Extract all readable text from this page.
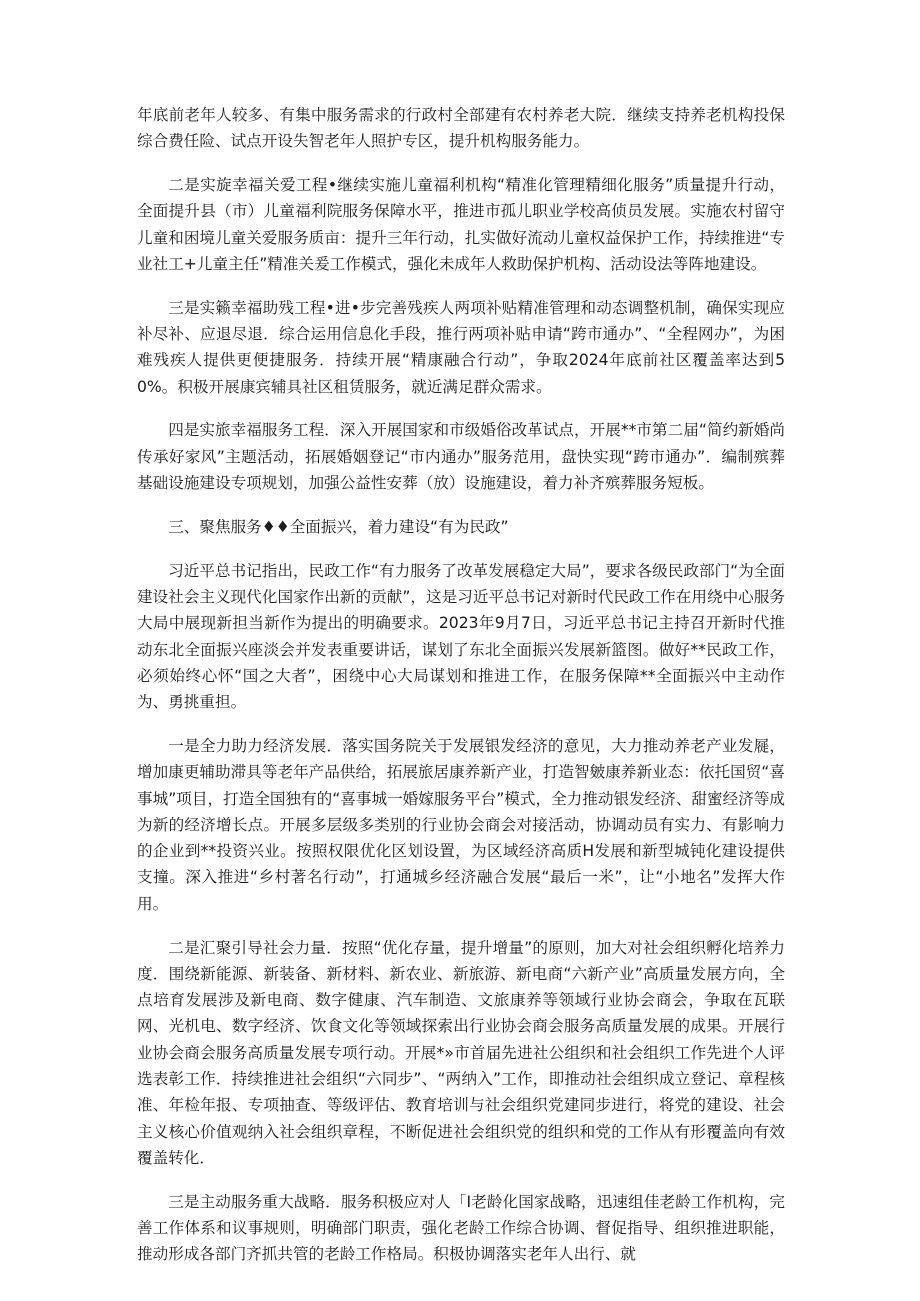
年底前老年人较多、有集中服务需求的行政村全部建有农村养老大院．继续支持养老机构投保综合费任险、试点开设失智老年人照护专区，提升机构服务能力。

二是实旋幸福关爱工程•继续实施儿童福利机构“精准化管理精细化服务”质量提升行动，全面提升县（市）儿童福利院服务保障水平，推进市孤儿职业学校高侦员发展。实施农村留守儿童和困境儿童关爱服务质亩：提升三年行动，扎实做好流动儿童权益保护工作，持续推进“专业社工+儿童主任”精准关爰工作模式，强化未成年人救助保护机构、活动设法等阵地建设。

三是实籁幸福助残工程•进•步完善残疾人两项补贴精准管理和动态调整机制，确保实现应补尽补、应退尽退．综合运用信息化手段，推行两项补贴申请“跨市通办”、“全程网办”，为困难残疾人提供更便捷服务．持续开展“精康融合行动”，争取2024年底前社区覆盖率达到50%。积极开展康宾辅具社区租赁服务，就近满足群众需求。

四是实旅幸福服务工程．深入开展国家和市级婚俗改革试点，开展**市第二届“简约新婚尚传承好家风”主题活动，拓展婚姻登记“市内通办”服务范用，盘快实现“跨市通办”．编制殡葬基础设施建设专项规划，加强公益性安葬（放）设施建设，着力补齐殡葬服务短板。

三、聚焦服务♦♦全面振兴，着力建设“有为民政”

习近平总书记指出，民政工作“有力服务了改革发展稳定大局”，要求各级民政部门“为全面建设社会主义现代化国家作出新的贡献”，这是习近平总书记对新时代民政工作在用绕中心服务大局中展现新担当新作为提出的明确要求。2023年9月7日，习近平总书记主持召开新时代推动东北全面振兴座淡会并发表重要讲话，谋划了东北全面振兴发展新篮图。做好**民政工作，必须始终心怀“国之大者”，困绕中心大局谋划和推进工作，在服务保障**全面振兴中主动作为、勇挑重担。

一是全力助力经济发展．落实国务院关于发展银发经济的意见，大力推动养老产业发屣，增加康更辅助滞具等老年产品供给，拓展旅居康养新产业，打造智皴康养新业态：依托国贸“喜事城”项目，打造全国独有的“喜事城一婚嫁服务平台”模式，全力推动银发经济、甜蜜经济等成为新的经济增长点。开展多层级多类别的行业协会商会对接活动，协调动员有实力、有影响力的企业到**投资兴业。按照权限优化区划设置，为区域经济高质H发展和新型城钝化建设提供支撞。深入推进“乡村著名行动”，打通城乡经济融合发展“最后一米”，让“小地名”发挥大作用。

二是汇聚引导社会力量．按照“优化存量，提升增量”的原则，加大对社会组织孵化培养力度．围绕新能源、新装备、新材料、新农业、新旅游、新电商“六新产业”高质量发展方向，全点培育发展涉及新电商、数字健康、汽车制造、文旅康养等领域行业协会商会，争取在瓦联网、光机电、数字经济、饮食文化等领域探索出行业协会商会服务高质量发展的成果。开展行业协会商会服务高质量发展专项行动。开展*»市首届先进社公组织和社会组织工作先进个人评选表彰工作．持续推进社会组织“六同步”、“两纳入”工作，即推动社会组织成立登记、章程核准、年检年报、专项抽查、等级评估、教育培训与社会组织党建同步进行，将党的建设、社会主义核心价值观纳入社会组织章程，不断促进社会组织党的组织和党的工作从有形覆盖向有效覆盖转化．

三是主动服务重大战略．服务积极应对人「I老龄化国家战略，迅速组佳老龄工作机构，完善工作体系和议事规则，明确部门职责，强化老龄工作综合协调、督促指导、组织推进职能，推动形成各部门齐抓共管的老龄工作格局。积极协调落实老年人出行、就
